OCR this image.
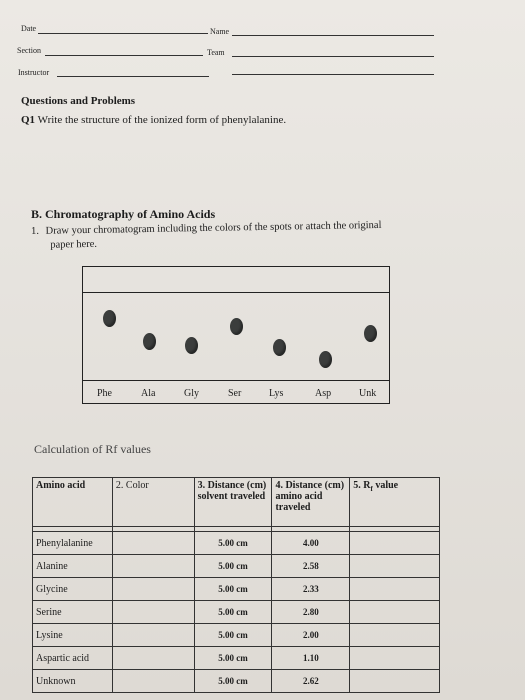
Date	Name
Section	Team
Instructor
Questions and Problems
Q1 Write the structure of the ionized form of phenylalanine.
B. Chromatography of Amino Acids
1. Draw your chromatogram including the colors of the spots or attach the original
paper here.
Phe	Ala	Gly	Ser	Lys	Asp	Unk
Calculation of Rf values
Amino acid	2. Color	3. Distance (cm) solvent traveled	4. Distance (cm) amino acid traveled	5. $R_f$ value

Phenylalanine		5.00 cm	4.00	
Alanine		5.00 cm	2.58	
Glycine		5.00 cm	2.33	
Serine		5.00 cm	2.80	
Lysine		5.00 cm	2.00	
Aspartic acid		5.00 cm	1.10	
Unknown		5.00 cm	2.62	
